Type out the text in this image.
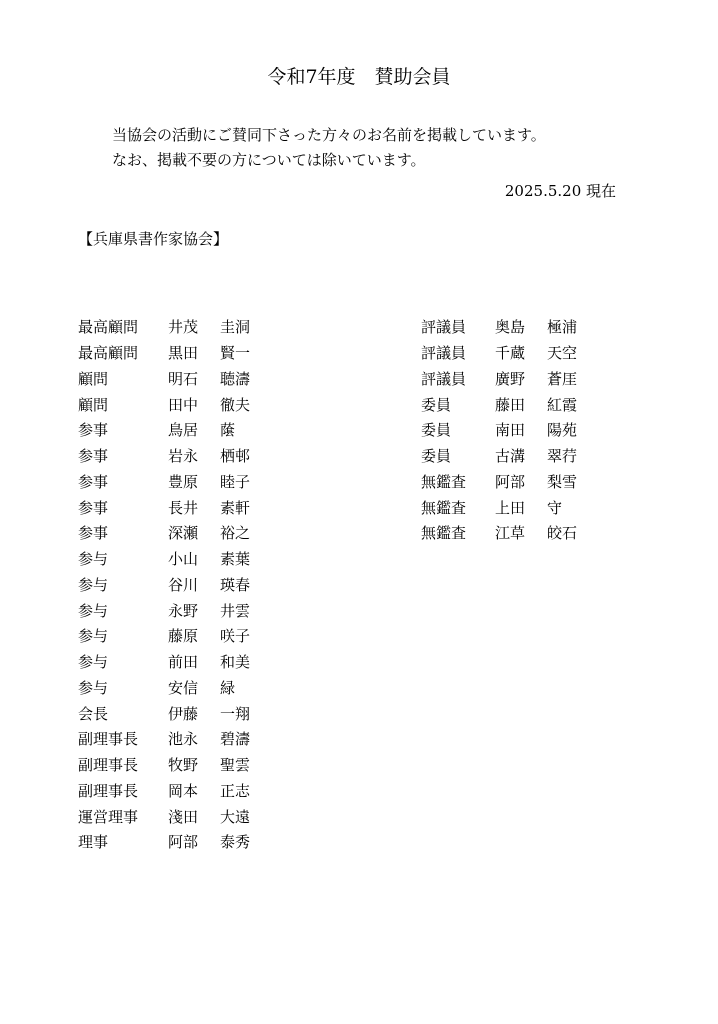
令和7年度　賛助会員
当協会の活動にご賛同下さった方々のお名前を掲載しています。
なお、掲載不要の方については除いています。
2025.5.20 現在
【兵庫県書作家協会】
最高顧問	井茂	圭洞
最高顧問	黒田	賢一
顧問	明石	聴濤
顧問	田中	徹夫
参事	鳥居	䕃
参事	岩永	栖邨
参事	豊原	睦子
参事	長井	素軒
参事	深瀬	裕之
参与	小山	素葉
参与	谷川	瑛春
参与	永野	井雲
参与	藤原	咲子
参与	前田	和美
参与	安信	緑
会長	伊藤	一翔
副理事長	池永	碧濤
副理事長	牧野	聖雲
副理事長	岡本	正志
運営理事	淺田	大遠
理事	阿部	泰秀
評議員	奥島	極浦
評議員	千蔵	天空
評議員	廣野	蒼厓
委員	藤田	紅霞
委員	南田	陽苑
委員	古溝	翠荇
無鑑査	阿部	梨雪
無鑑査	上田	守
無鑑査	江草	皎石
